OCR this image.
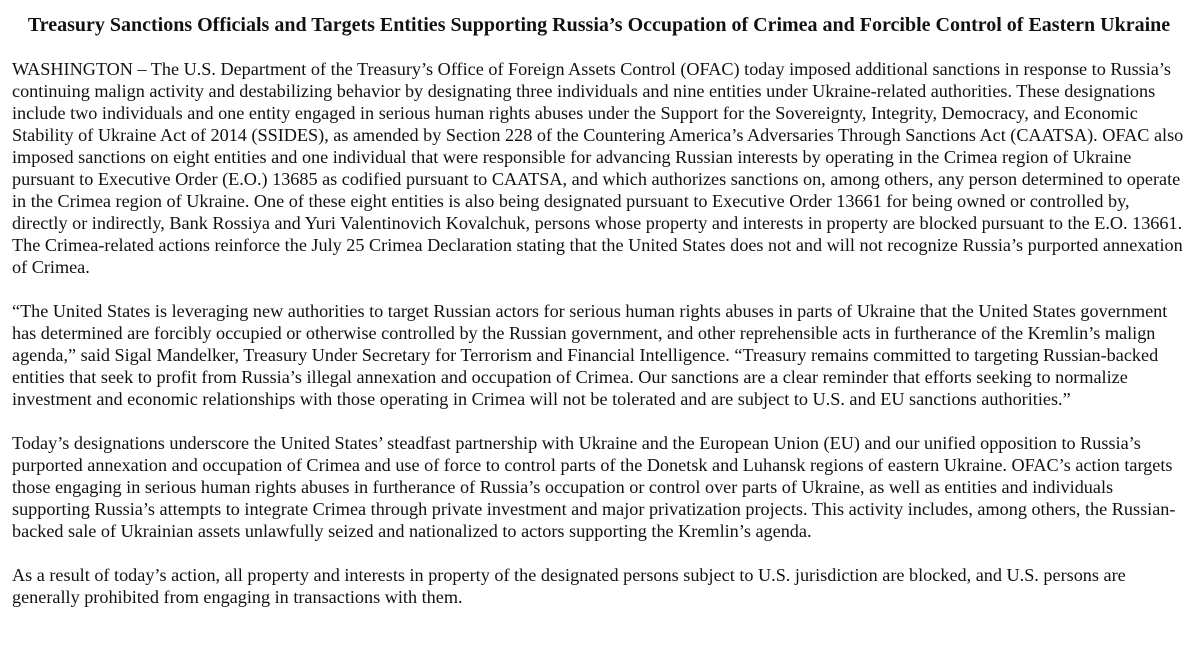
Treasury Sanctions Officials and Targets Entities Supporting Russia’s Occupation of Crimea and Forcible Control of Eastern Ukraine

WASHINGTON – The U.S. Department of the Treasury’s Office of Foreign Assets Control (OFAC) today imposed additional sanctions in response to Russia’s continuing malign activity and destabilizing behavior by designating three individuals and nine entities under Ukraine-related authorities. These designations include two individuals and one entity engaged in serious human rights abuses under the Support for the Sovereignty, Integrity, Democracy, and Economic Stability of Ukraine Act of 2014 (SSIDES), as amended by Section 228 of the Countering America’s Adversaries Through Sanctions Act (CAATSA). OFAC also imposed sanctions on eight entities and one individual that were responsible for advancing Russian interests by operating in the Crimea region of Ukraine pursuant to Executive Order (E.O.) 13685 as codified pursuant to CAATSA, and which authorizes sanctions on, among others, any person determined to operate in the Crimea region of Ukraine. One of these eight entities is also being designated pursuant to Executive Order 13661 for being owned or controlled by, directly or indirectly, Bank Rossiya and Yuri Valentinovich Kovalchuk, persons whose property and interests in property are blocked pursuant to the E.O. 13661. The Crimea-related actions reinforce the July 25 Crimea Declaration stating that the United States does not and will not recognize Russia’s purported annexation of Crimea.

“The United States is leveraging new authorities to target Russian actors for serious human rights abuses in parts of Ukraine that the United States government has determined are forcibly occupied or otherwise controlled by the Russian government, and other reprehensible acts in furtherance of the Kremlin’s malign agenda,” said Sigal Mandelker, Treasury Under Secretary for Terrorism and Financial Intelligence. “Treasury remains committed to targeting Russian-backed entities that seek to profit from Russia’s illegal annexation and occupation of Crimea. Our sanctions are a clear reminder that efforts seeking to normalize investment and economic relationships with those operating in Crimea will not be tolerated and are subject to U.S. and EU sanctions authorities.”

Today’s designations underscore the United States’ steadfast partnership with Ukraine and the European Union (EU) and our unified opposition to Russia’s purported annexation and occupation of Crimea and use of force to control parts of the Donetsk and Luhansk regions of eastern Ukraine. OFAC’s action targets those engaging in serious human rights abuses in furtherance of Russia’s occupation or control over parts of Ukraine, as well as entities and individuals supporting Russia’s attempts to integrate Crimea through private investment and major privatization projects. This activity includes, among others, the Russian-backed sale of Ukrainian assets unlawfully seized and nationalized to actors supporting the Kremlin’s agenda.

As a result of today’s action, all property and interests in property of the designated persons subject to U.S. jurisdiction are blocked, and U.S. persons are generally prohibited from engaging in transactions with them.
